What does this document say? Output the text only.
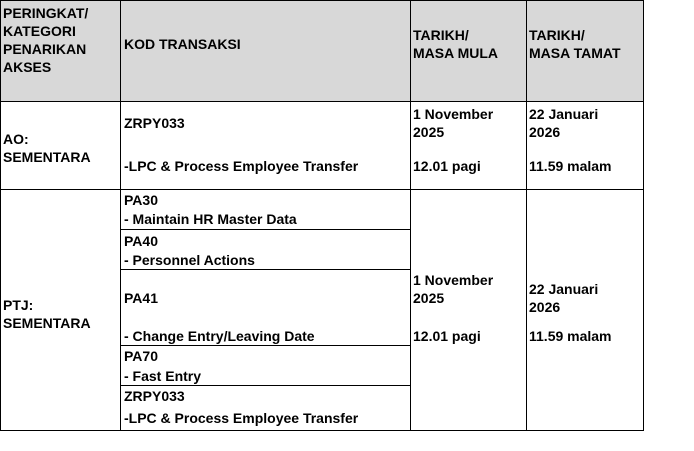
PERINGKAT/
KATEGORI
PENARIKAN
AKSES
KOD TRANSAKSI
TARIKH/
MASA MULA
TARIKH/
MASA TAMAT
AO:
SEMENTARA
ZRPY033
-LPC & Process Employee Transfer
1 November
2025
12.01 pagi
22 Januari
2026
11.59 malam
PTJ:
SEMENTARA
PA30
- Maintain HR Master Data
PA40
- Personnel Actions
PA41
- Change Entry/Leaving Date
PA70
- Fast Entry
ZRPY033
-LPC & Process Employee Transfer
1 November
2025
12.01 pagi
22 Januari
2026
11.59 malam
